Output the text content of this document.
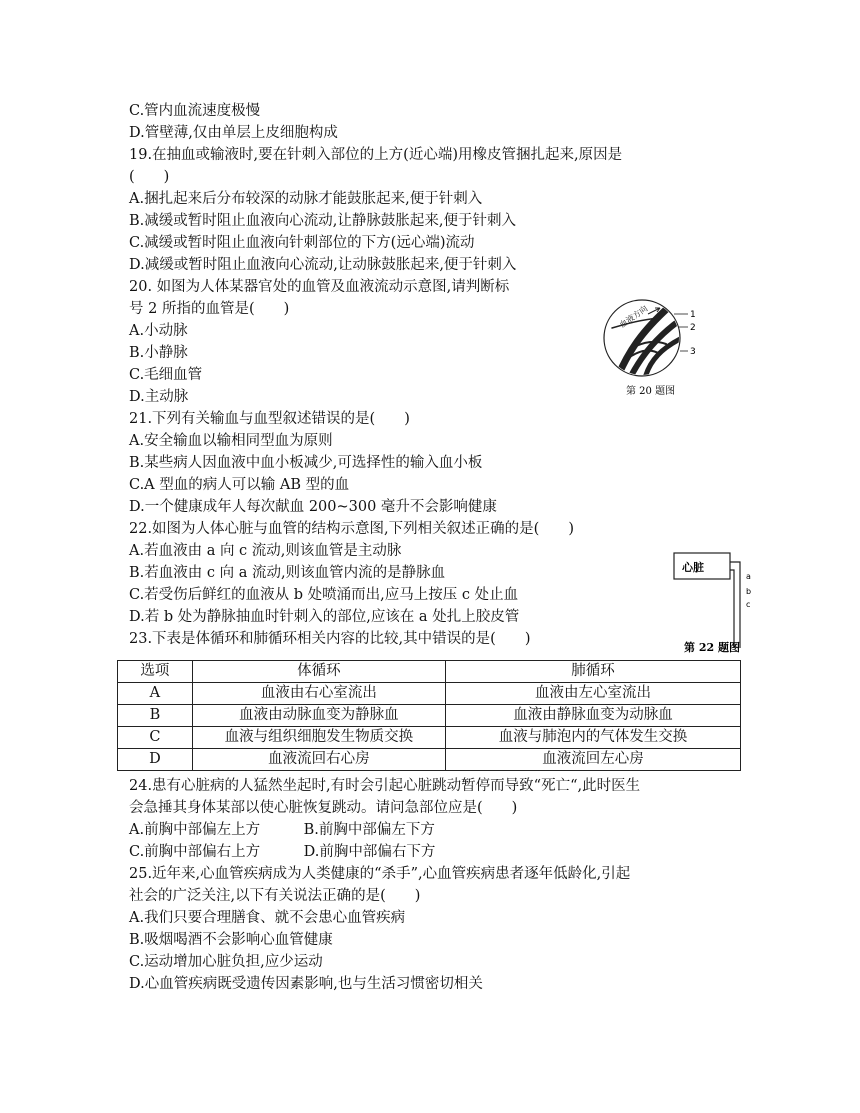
C.管内血流速度极慢
D.管壁薄,仅由单层上皮细胞构成
19.在抽血或输液时,要在针刺入部位的上方(近心端)用橡皮管捆扎起来,原因是
(　　)
A.捆扎起来后分布较深的动脉才能鼓胀起来,便于针刺入
B.减缓或暂时阻止血液向心流动,让静脉鼓胀起来,便于针刺入
C.减缓或暂时阻止血液向针刺部位的下方(远心端)流动
D.减缓或暂时阻止血液向心流动,让动脉鼓胀起来,便于针刺入
20. 如图为人体某器官处的血管及血液流动示意图,请判断标
号 2 所指的血管是(　　)
A.小动脉
B.小静脉
C.毛细血管
D.主动脉
21.下列有关输血与血型叙述错误的是(　　)
A.安全输血以输相同型血为原则
B.某些病人因血液中血小板减少,可选择性的输入血小板
C.A 型血的病人可以输 AB 型的血
D.一个健康成年人每次献血 200~300 毫升不会影响健康
22.如图为人体心脏与血管的结构示意图,下列相关叙述正确的是(　　)
A.若血液由 a 向 c 流动,则该血管是主动脉
B.若血液由 c 向 a 流动,则该血管内流的是静脉血
C.若受伤后鲜红的血液从 b 处喷涌而出,应马上按压 c 处止血
D.若 b 处为静脉抽血时针刺入的部位,应该在 a 处扎上胶皮管
23.下表是体循环和肺循环相关内容的比较,其中错误的是(　　)
血液方向	1
2
3
第 20 题图
心脏
a
b
c
第 22 题图
选项	体循环	肺循环
A	血液由右心室流出	血液由左心室流出
B	血液由动脉血变为静脉血	血液由静脉血变为动脉血
C	血液与组织细胞发生物质交换	血液与肺泡内的气体发生交换
D	血液流回右心房	血液流回左心房
24.患有心脏病的人猛然坐起时,有时会引起心脏跳动暂停而导致“死亡“,此时医生
会急捶其身体某部以使心脏恢复跳动。请问急部位应是(　　)
A.前胸中部偏左上方　　　B.前胸中部偏左下方
C.前胸中部偏右上方　　　D.前胸中部偏右下方
25.近年来,心血管疾病成为人类健康的“杀手”,心血管疾病患者逐年低龄化,引起
社会的广泛关注,以下有关说法正确的是(　　)
A.我们只要合理膳食、就不会患心血管疾病
B.吸烟喝酒不会影响心血管健康
C.运动增加心脏负担,应少运动
D.心血管疾病既受遗传因素影响,也与生活习惯密切相关
